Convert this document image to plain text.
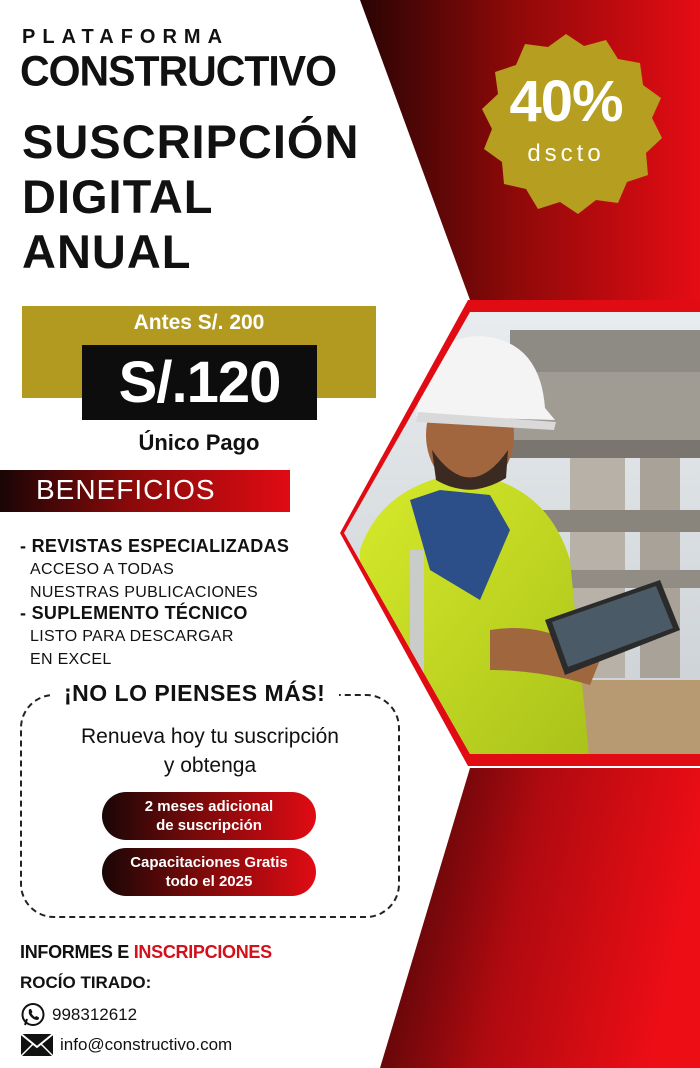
PLATAFORMA
CONSTRUCTIVO
SUSCRIPCIÓN
DIGITAL
ANUAL
40%
dscto
Antes S/. 200
S/.120
Único Pago
BENEFICIOS
- REVISTAS ESPECIALIZADAS
ACCESO A TODAS
NUESTRAS PUBLICACIONES
- SUPLEMENTO TÉCNICO
LISTO PARA DESCARGAR
EN EXCEL
¡NO LO PIENSES MÁS!
Renueva hoy tu suscripción
y obtenga
2 meses adicional
de suscripción
Capacitaciones Gratis
todo el 2025
INFORMES E INSCRIPCIONES
ROCÍO TIRADO:
998312612
info@constructivo.com
